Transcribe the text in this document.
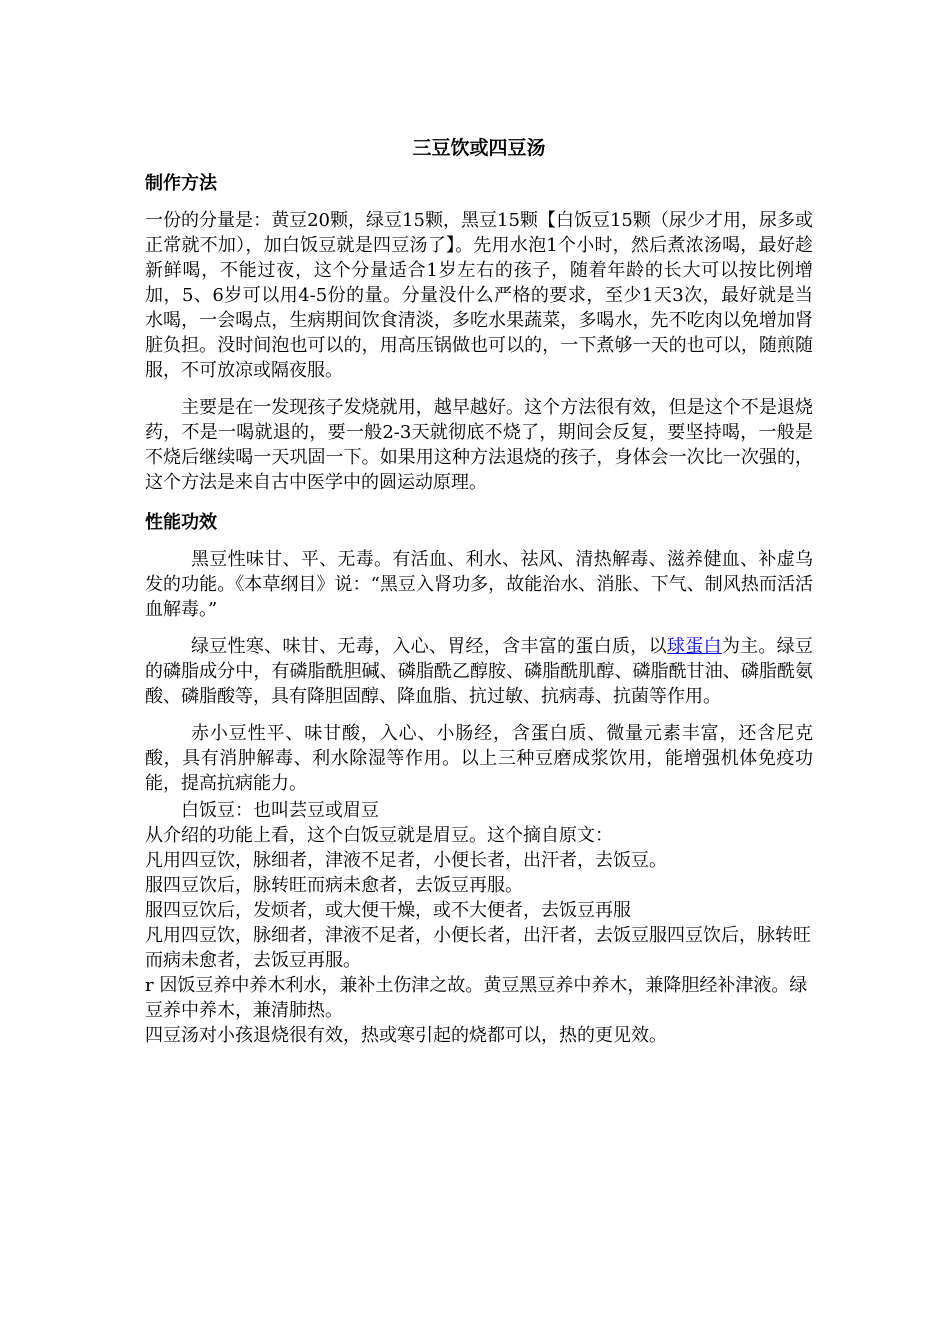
三豆饮或四豆汤
制作方法

一份的分量是：黄豆20颗，绿豆15颗，黑豆15颗【白饭豆15颗（尿少才用，尿多或正常就不加），加白饭豆就是四豆汤了】。先用水泡1个小时，然后煮浓汤喝，最好趁新鲜喝，不能过夜，这个分量适合1岁左右的孩子，随着年龄的长大可以按比例增加，5、6岁可以用4-5份的量。分量没什么严格的要求，至少1天3次，最好就是当水喝，一会喝点，生病期间饮食清淡，多吃水果蔬菜，多喝水，先不吃肉以免增加肾脏负担。没时间泡也可以的，用高压锅做也可以的，一下煮够一天的也可以，随煎随服，不可放凉或隔夜服。

主要是在一发现孩子发烧就用，越早越好。这个方法很有效，但是这个不是退烧药，不是一喝就退的，要一般2-3天就彻底不烧了，期间会反复，要坚持喝，一般是不烧后继续喝一天巩固一下。如果用这种方法退烧的孩子，身体会一次比一次强的，这个方法是来自古中医学中的圆运动原理。

性能功效

黑豆性味甘、平、无毒。有活血、利水、祛风、清热解毒、滋养健血、补虚乌发的功能。《本草纲目》说：“黑豆入肾功多，故能治水、消胀、下气、制风热而活活血解毒。”

绿豆性寒、味甘、无毒，入心、胃经，含丰富的蛋白质，以球蛋白为主。绿豆的磷脂成分中，有磷脂酰胆碱、磷脂酰乙醇胺、磷脂酰肌醇、磷脂酰甘油、磷脂酰氨酸、磷脂酸等，具有降胆固醇、降血脂、抗过敏、抗病毒、抗菌等作用。

赤小豆性平、味甘酸，入心、小肠经，含蛋白质、微量元素丰富，还含尼克酸，具有消肿解毒、利水除湿等作用。以上三种豆磨成浆饮用，能增强机体免疫功能，提高抗病能力。

白饭豆：也叫芸豆或眉豆

从介绍的功能上看，这个白饭豆就是眉豆。这个摘自原文：

凡用四豆饮，脉细者，津液不足者，小便长者，出汗者，去饭豆。

服四豆饮后，脉转旺而病未愈者，去饭豆再服。

服四豆饮后，发烦者，或大便干燥，或不大便者，去饭豆再服

凡用四豆饮，脉细者，津液不足者，小便长者，出汗者，去饭豆服四豆饮后，脉转旺而病未愈者，去饭豆再服。

r 因饭豆养中养木利水，兼补土伤津之故。黄豆黑豆养中养木，兼降胆经补津液。绿豆养中养木，兼清肺热。

四豆汤对小孩退烧很有效，热或寒引起的烧都可以，热的更见效。
